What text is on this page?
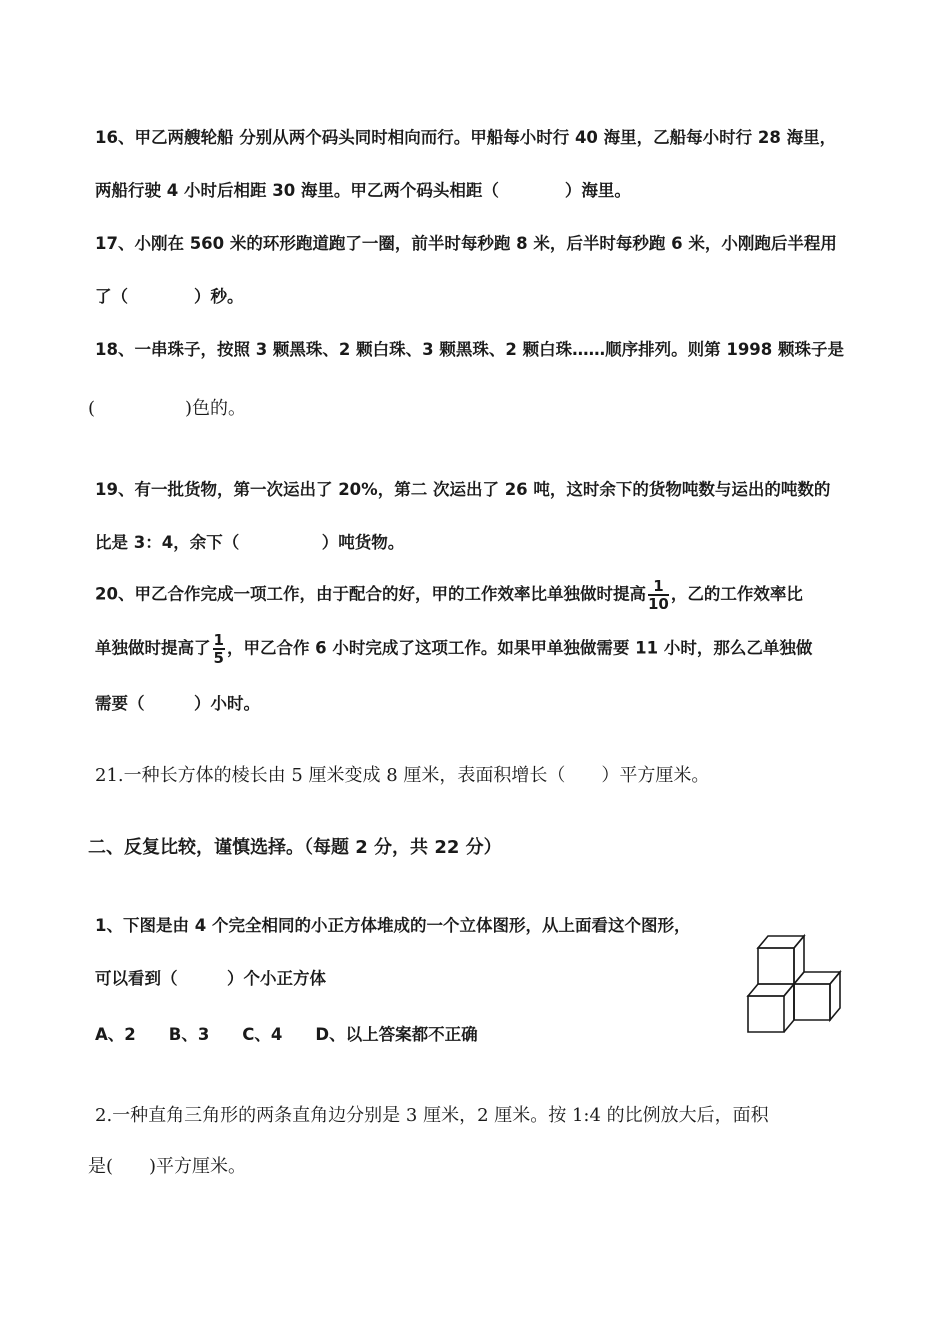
16、甲乙两艘轮船 分别从两个码头同时相向而行。甲船每小时行 40 海里，乙船每小时行 28 海里，
两船行驶 4 小时后相距 30 海里。甲乙两个码头相距（　　　　）海里。
17、小刚在 560 米的环形跑道跑了一圈，前半时每秒跑 8 米，后半时每秒跑 6 米，小刚跑后半程用
了（　　　　）秒。
18、一串珠子，按照 3 颗黑珠、2 颗白珠、3 颗黑珠、2 颗白珠……顺序排列。则第 1998 颗珠子是
(　　　　　)色的。
19、有一批货物，第一次运出了 20%，第二 次运出了 26 吨，这时余下的货物吨数与运出的吨数的
比是 3：4，余下（　　　　　）吨货物。
20、甲乙合作完成一项工作，由于配合的好，甲的工作效率比单独做时提高 $\frac{1}{10}$ ，乙的工作效率比
单独做时提高了 $\frac{1}{5}$ ，甲乙合作 6 小时完成了这项工作。如果甲单独做需要 11 小时，那么乙单独做
需要（　　　）小时。
21.一种长方体的棱长由 5 厘米变成 8 厘米，表面积增长（　　）平方厘米。
二、反复比较，谨慎选择。（每题 2 分，共 22 分）
1、下图是由 4 个完全相同的小正方体堆成的一个立体图形，从上面看这个图形，
可以看到（　　　）个小正方体
A、2　　B、3　　C、4　　D、以上答案都不正确
2.一种直角三角形的两条直角边分别是 3 厘米，2 厘米。按 1:4 的比例放大后，面积
是(　　)平方厘米。
